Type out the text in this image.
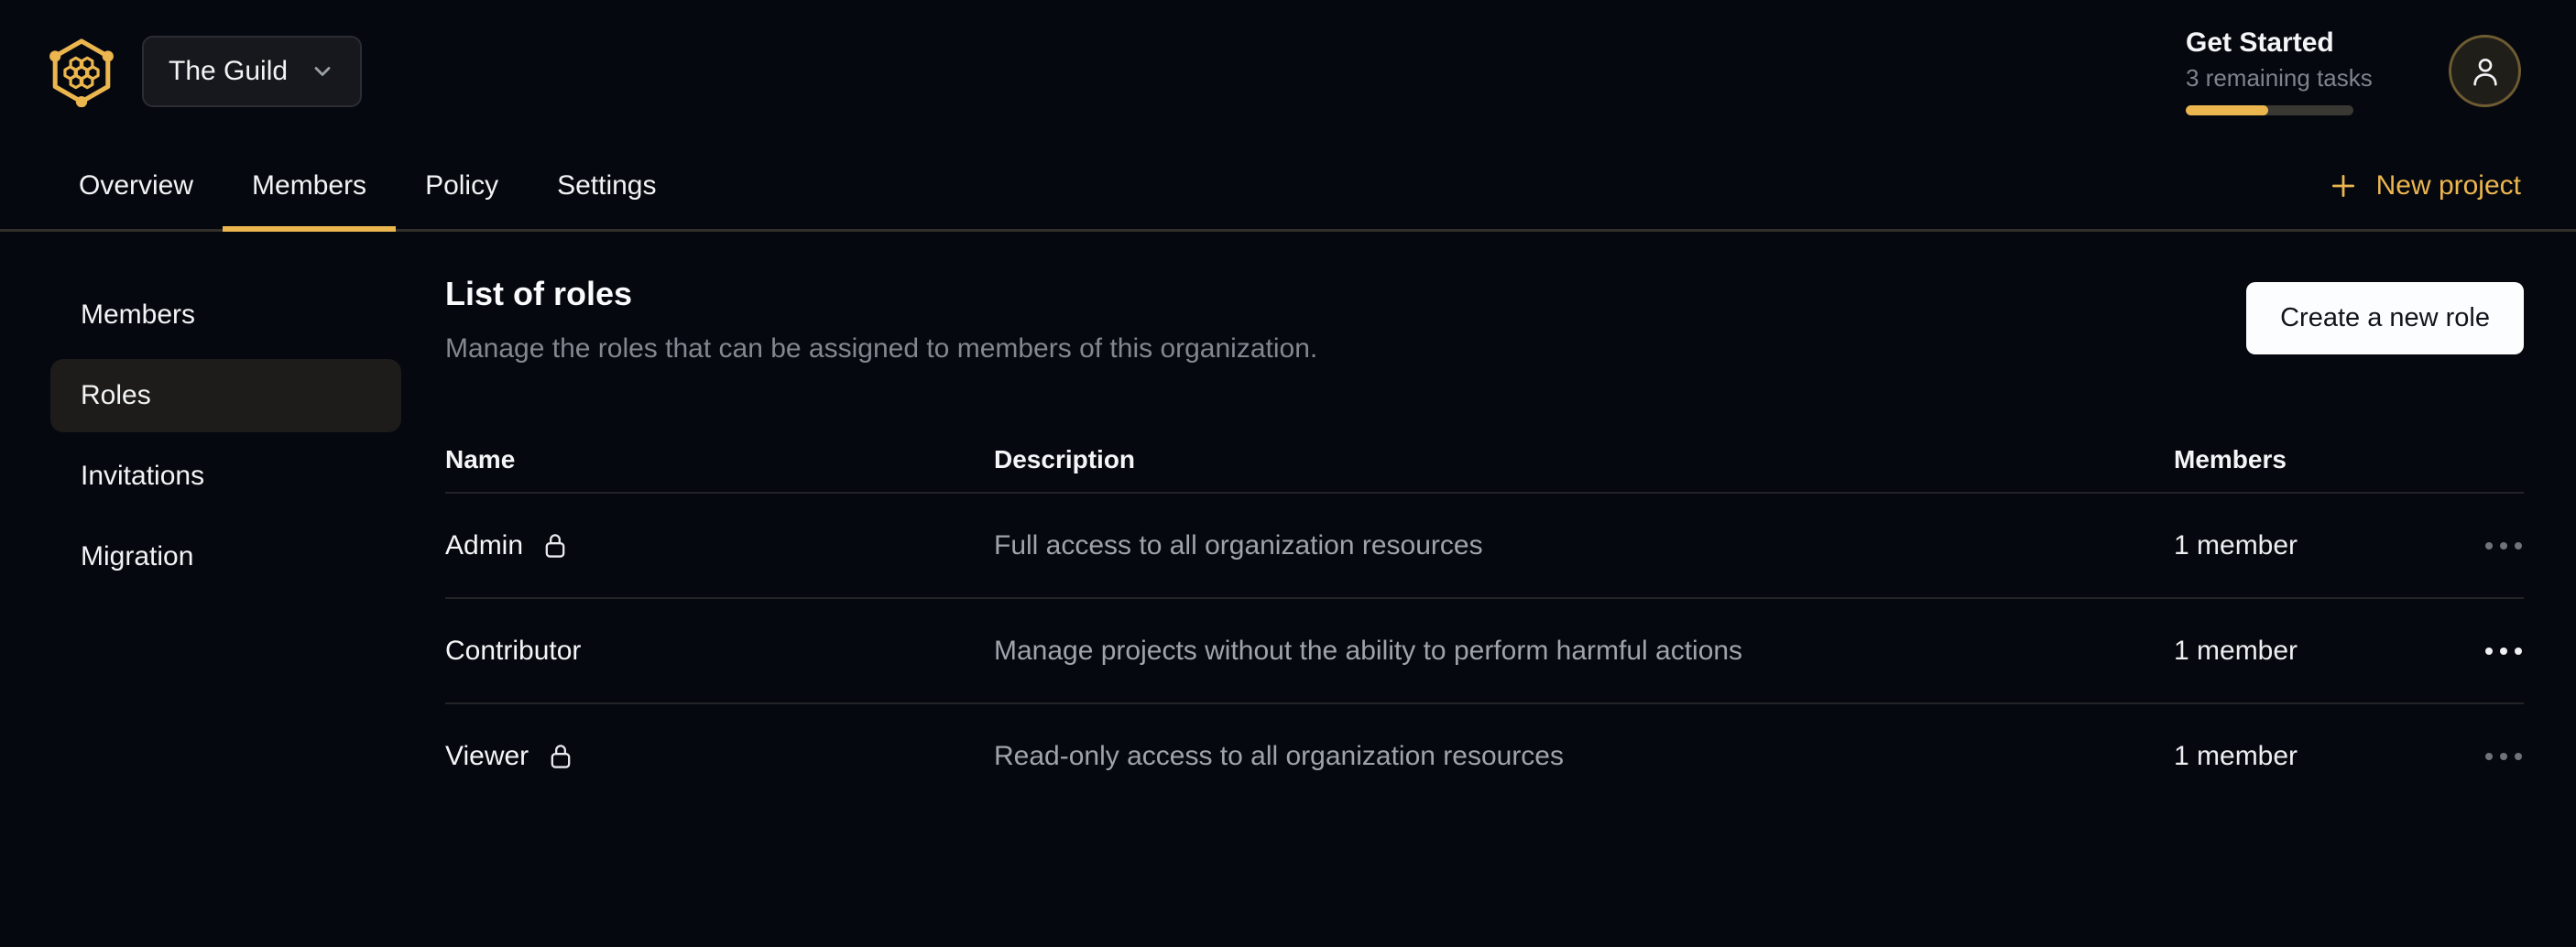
The Guild
Get Started
3 remaining tasks
Overview Members Policy Settings	New project
Members
Roles
Invitations
Migration
List of roles
Manage the roles that can be assigned to members of this organization.
Create a new role
Name	Description	Members
Admin	Full access to all organization resources	1 member
Contributor	Manage projects without the ability to perform harmful actions	1 member
Viewer	Read-only access to all organization resources	1 member
